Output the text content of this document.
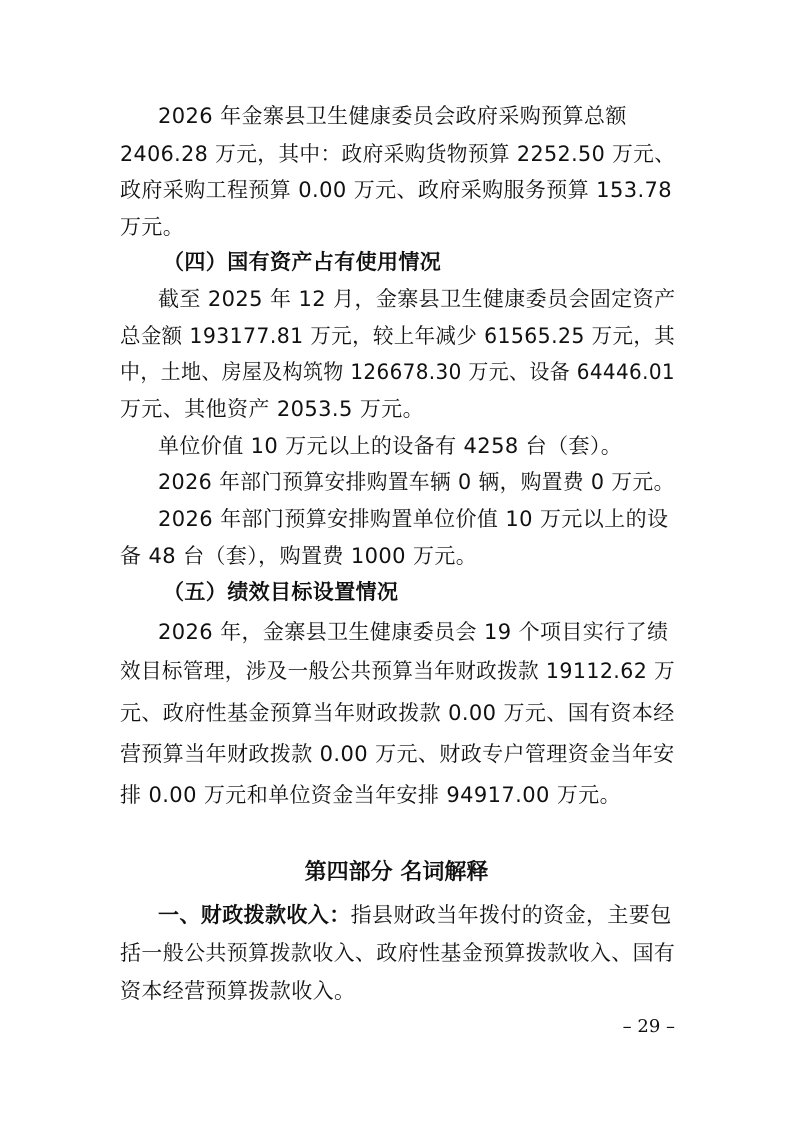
2026 年金寨县卫生健康委员会政府采购预算总额
2406.28 万元，其中：政府采购货物预算 2252.50 万元、
政府采购工程预算 0.00 万元、政府采购服务预算 153.78
万元。
（四）国有资产占有使用情况
截至 2025 年 12 月，金寨县卫生健康委员会固定资产
总金额 193177.81 万元，较上年减少 61565.25 万元，其
中，土地、房屋及构筑物 126678.30 万元、设备 64446.01
万元、其他资产 2053.5 万元。
单位价值 10 万元以上的设备有 4258 台（套）。
2026 年部门预算安排购置车辆 0 辆，购置费 0 万元。
2026 年部门预算安排购置单位价值 10 万元以上的设
备 48 台（套），购置费 1000 万元。
（五）绩效目标设置情况
2026 年，金寨县卫生健康委员会 19 个项目实行了绩
效目标管理，涉及一般公共预算当年财政拨款 19112.62 万
元、政府性基金预算当年财政拨款 0.00 万元、国有资本经
营预算当年财政拨款 0.00 万元、财政专户管理资金当年安
排 0.00 万元和单位资金当年安排 94917.00 万元。
第四部分 名词解释
一、财政拨款收入：指县财政当年拨付的资金，主要包
括一般公共预算拨款收入、政府性基金预算拨款收入、国有
资本经营预算拨款收入。
– 29 –
